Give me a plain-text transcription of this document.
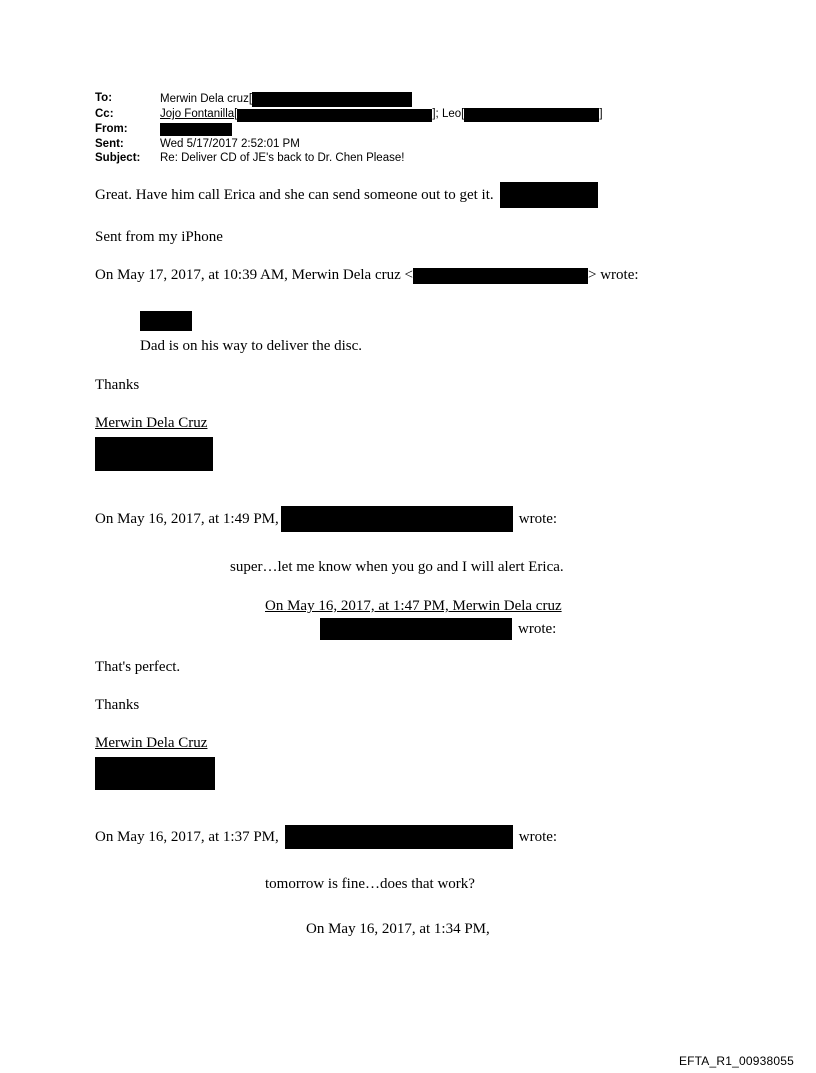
To:	Merwin Dela cruz[
Cc:	Jojo Fontanilla[	]; Leo[	]
From:
Sent:	Wed 5/17/2017 2:52:01 PM
Subject:	Re: Deliver CD of JE's back to Dr. Chen Please!
Great. Have him call Erica and she can send someone out to get it.
Sent from my iPhone
On May 17, 2017, at 10:39 AM, Merwin Dela cruz <	> wrote:
Dad is on his way to deliver the disc.
Thanks
Merwin Dela Cruz
On May 16, 2017, at 1:49 PM,	wrote:
super…let me know when you go and I will alert Erica.
On May 16, 2017, at 1:47 PM, Merwin Dela cruz
wrote:
That's perfect.
Thanks
Merwin Dela Cruz
On May 16, 2017, at 1:37 PM,	wrote:
tomorrow is fine…does that work?
On May 16, 2017, at 1:34 PM,
EFTA_R1_00938055
